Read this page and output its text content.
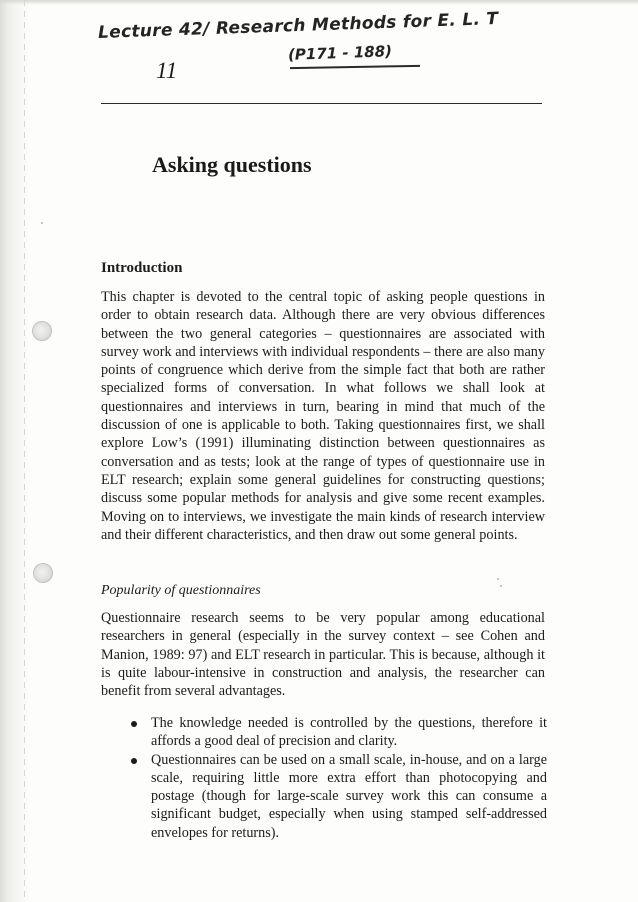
Lecture 42/ Research Methods for E. L. T
(P171 - 188)
11
Asking questions
Introduction

This chapter is devoted to the central topic of asking people questions in order to obtain research data. Although there are very obvious differences between the two general categories – questionnaires are associated with survey work and interviews with individual respondents – there are also many points of congruence which derive from the simple fact that both are rather specialized forms of conversation. In what follows we shall look at questionnaires and interviews in turn, bearing in mind that much of the discussion of one is applicable to both. Taking questionnaires first, we shall explore Low’s (1991) illuminating distinction between questionnaires as conversation and as tests; look at the range of types of questionnaire use in ELT research; explain some general guidelines for constructing questions; discuss some popular methods for analysis and give some recent examples. Moving on to interviews, we investigate the main kinds of research interview and their different characteristics, and then draw out some general points.

Popularity of questionnaires

Questionnaire research seems to be very popular among educational researchers in general (especially in the survey context – see Cohen and Manion, 1989: 97) and ELT research in particular. This is because, although it is quite labour-intensive in construction and analysis, the researcher can benefit from several advantages.

The knowledge needed is controlled by the questions, therefore it affords a good deal of precision and clarity.
Questionnaires can be used on a small scale, in-house, and on a large scale, requiring little more extra effort than photocopying and postage (though for large-scale survey work this can consume a significant budget, especially when using stamped self-addressed envelopes for returns).
